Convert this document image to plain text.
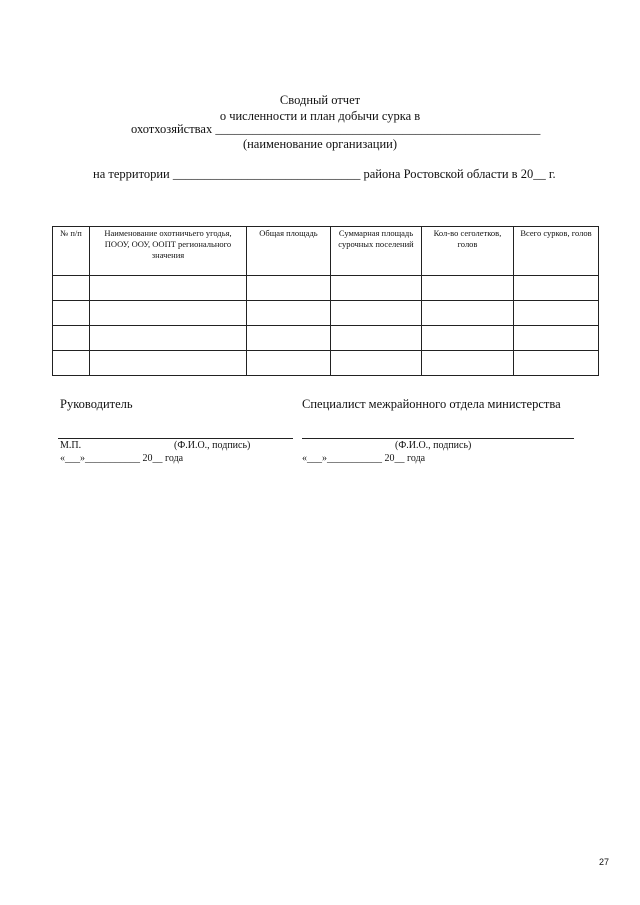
Сводный отчет
о численности и план добычи сурка в
охотхозяйствах ____________________________________________________
(наименование организации)
на территории ______________________________ района Ростовской области в 20__ г.
№ п/п	Наименование охотничьего угодья, ПООУ, ООУ, ООПТ регионального значения	Общая площадь	Суммарная площадь сурочных поселений	Кол-во сеголетков, голов	Всего сурков, голов

Руководитель
М.П.	(Ф.И.О., подпись)
«___»___________ 20__ года
Специалист межрайонного отдела министерства
(Ф.И.О., подпись)
«___»___________ 20__ года
27
